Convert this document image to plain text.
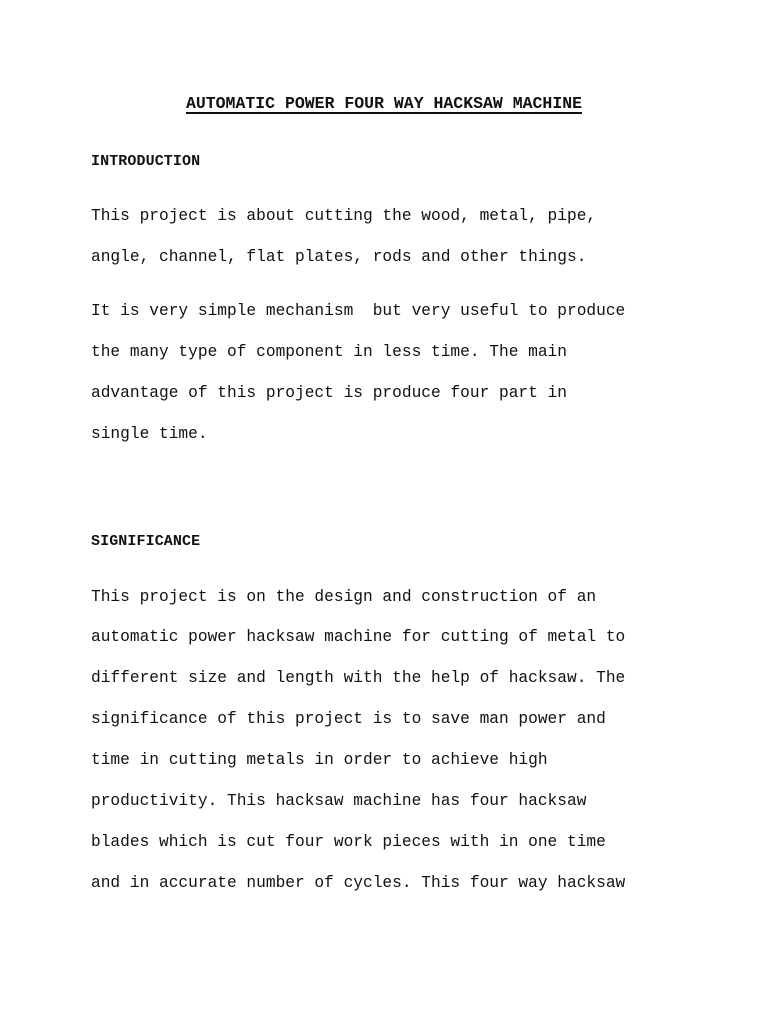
AUTOMATIC POWER FOUR WAY HACKSAW MACHINE
INTRODUCTION
This project is about cutting the wood, metal, pipe,
angle, channel, flat plates, rods and other things.
It is very simple mechanism  but very useful to produce
the many type of component in less time. The main
advantage of this project is produce four part in
single time.
SIGNIFICANCE
This project is on the design and construction of an
automatic power hacksaw machine for cutting of metal to
different size and length with the help of hacksaw. The
significance of this project is to save man power and
time in cutting metals in order to achieve high
productivity. This hacksaw machine has four hacksaw
blades which is cut four work pieces with in one time
and in accurate number of cycles. This four way hacksaw
